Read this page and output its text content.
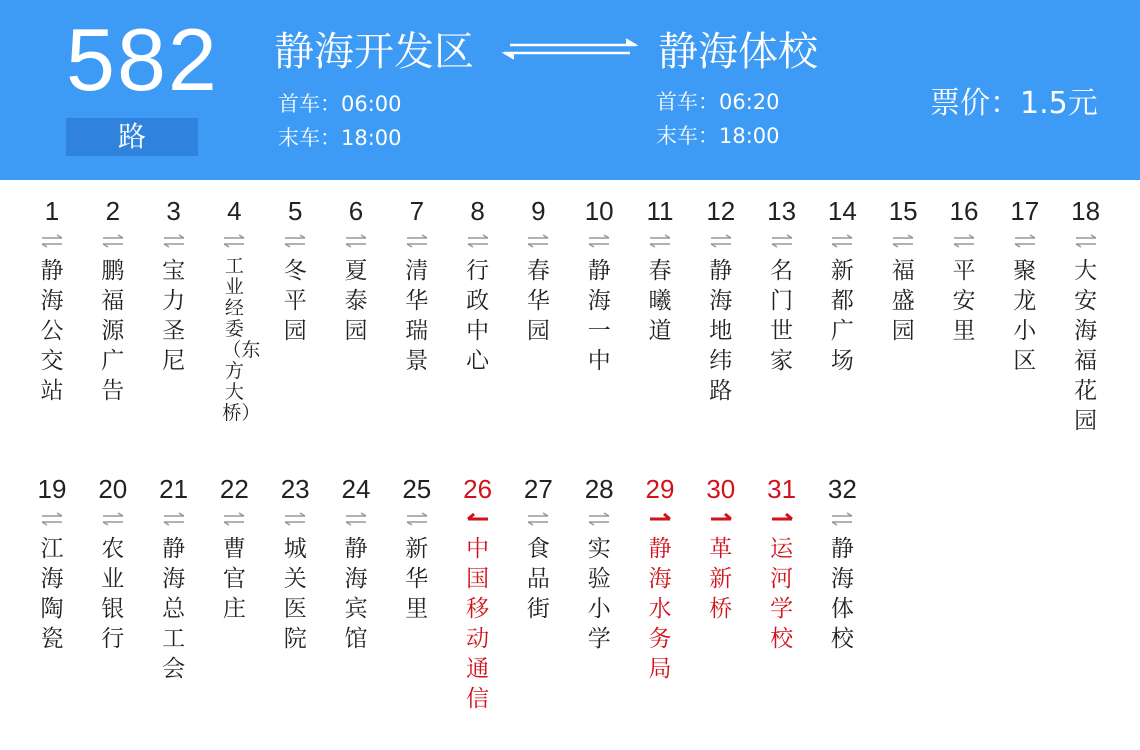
582
路
静海开发区	静海体校
首车：06:00
末车：18:00
首车：06:20
末车：18:00
票价：1.5元
1
静海公交站
2
鹏福源广告
3
宝力圣尼
4
工业经委（东方大桥）
5
冬平园
6
夏泰园
7
清华瑞景
8
行政中心
9
春华园
10
静海一中
11
春曦道
12
静海地纬路
13
名门世家
14
新都广场
15
福盛园
16
平安里
17
聚龙小区
18
大安海福花园
19
江海陶瓷
20
农业银行
21
静海总工会
22
曹官庄
23
城关医院
24
静海宾馆
25
新华里
26
中国移动通信
27
食品街
28
实验小学
29
静海水务局
30
革新桥
31
运河学校
32
静海体校
